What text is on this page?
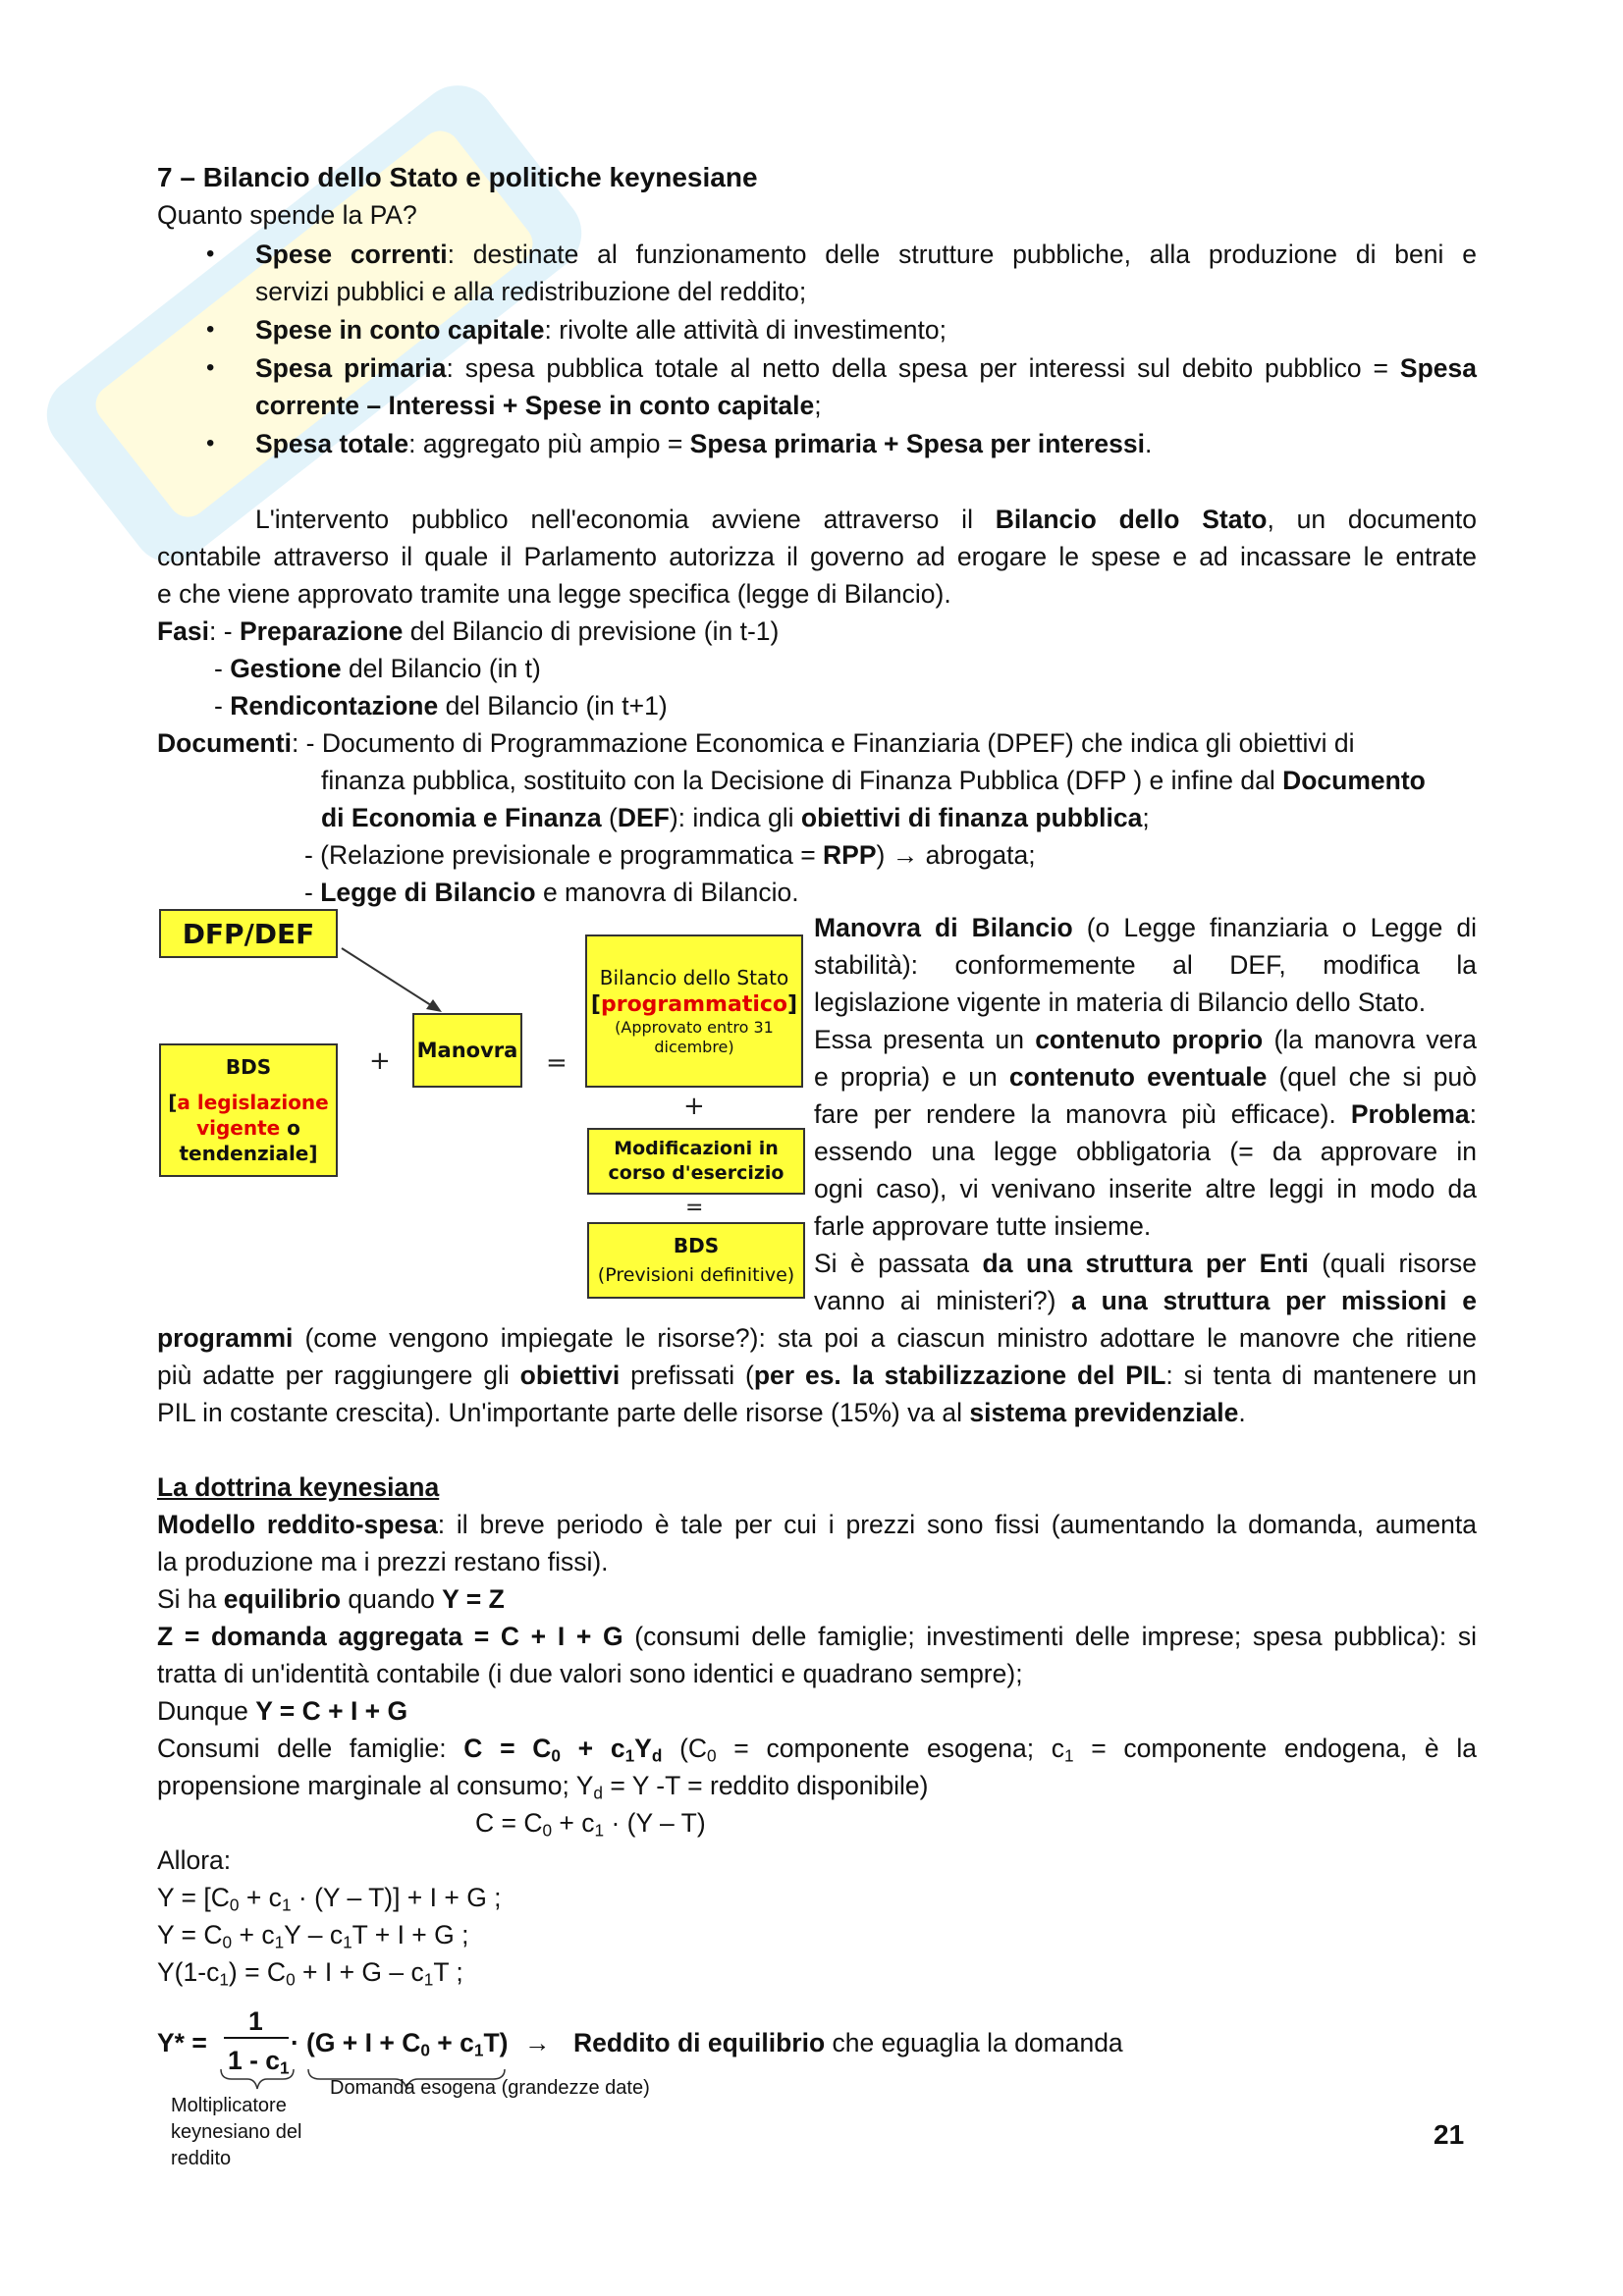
7 – Bilancio dello Stato e politiche keynesiane
Quanto spende la PA?
• Spese correnti: destinate al funzionamento delle strutture pubbliche, alla produzione di beni e
servizi pubblici e alla redistribuzione del reddito;
• Spese in conto capitale: rivolte alle attività di investimento;
• Spesa primaria: spesa pubblica totale al netto della spesa per interessi sul debito pubblico = Spesa
corrente – Interessi + Spese in conto capitale;
• Spesa totale: aggregato più ampio = Spesa primaria + Spesa per interessi.
L'intervento pubblico nell'economia avviene attraverso il Bilancio dello Stato, un documento
contabile attraverso il quale il Parlamento autorizza il governo ad erogare le spese e ad incassare le entrate
e che viene approvato tramite una legge specifica (legge di Bilancio).
Fasi: - Preparazione del Bilancio di previsione (in t-1)
- Gestione del Bilancio (in t)
- Rendicontazione del Bilancio (in t+1)
Documenti: - Documento di Programmazione Economica e Finanziaria (DPEF) che indica gli obiettivi di
finanza pubblica, sostituito con la Decisione di Finanza Pubblica (DFP ) e infine dal Documento
di Economia e Finanza (DEF): indica gli obiettivi di finanza pubblica;
- (Relazione previsionale e programmatica = RPP) → abrogata;
- Legge di Bilancio e manovra di Bilancio.
DFP/DEF
BDS
[a legislazione vigente o
tendenziale]
+ Manovra =
Bilancio dello Stato
[programmatico]
(Approvato entro 31 dicembre)
+
Modificazioni in corso d'esercizio
=
BDS
(Previsioni definitive)
Manovra di Bilancio (o Legge finanziaria o Legge di
stabilità): conformemente al DEF, modifica la
legislazione vigente in materia di Bilancio dello Stato.
Essa presenta un contenuto proprio (la manovra vera
e propria) e un contenuto eventuale (quel che si può
fare per rendere la manovra più efficace). Problema:
essendo una legge obbligatoria (= da approvare in
ogni caso), vi venivano inserite altre leggi in modo da
farle approvare tutte insieme.
Si è passata da una struttura per Enti (quali risorse
vanno ai ministeri?) a una struttura per missioni e
programmi (come vengono impiegate le risorse?): sta poi a ciascun ministro adottare le manovre che ritiene
più adatte per raggiungere gli obiettivi prefissati (per es. la stabilizzazione del PIL: si tenta di mantenere un
PIL in costante crescita). Un'importante parte delle risorse (15%) va al sistema previdenziale.
La dottrina keynesiana
Modello reddito-spesa: il breve periodo è tale per cui i prezzi sono fissi (aumentando la domanda, aumenta
la produzione ma i prezzi restano fissi).
Si ha equilibrio quando Y = Z
Z = domanda aggregata = C + I + G (consumi delle famiglie; investimenti delle imprese; spesa pubblica): si
tratta di un'identità contabile (i due valori sono identici e quadrano sempre);
Dunque Y = C + I + G
Consumi delle famiglie: $C = C_0 + c_1Y_d$ ($C_0$ = componente esogena; $c_1$ = componente endogena, è la
propensione marginale al consumo; $Y_d = Y$ -T = reddito disponibile)
$C = C_0 + c_1 \cdot (Y - T)$
Allora:
$Y = [C_0 + c_1 \cdot (Y - T)] + I + G$ ;
$Y = C_0 + c_1Y - c_1T + I + G$ ;
$Y(1-c_1) = C_0 + I + G - c_1T$ ;
Y* =
1
$1 - c_1$
· $(G + I + C_0 + c_1T)$ → Reddito di equilibrio che eguaglia la domanda
Moltiplicatore keynesiano del reddito
Domanda esogena (grandezze date)
21
